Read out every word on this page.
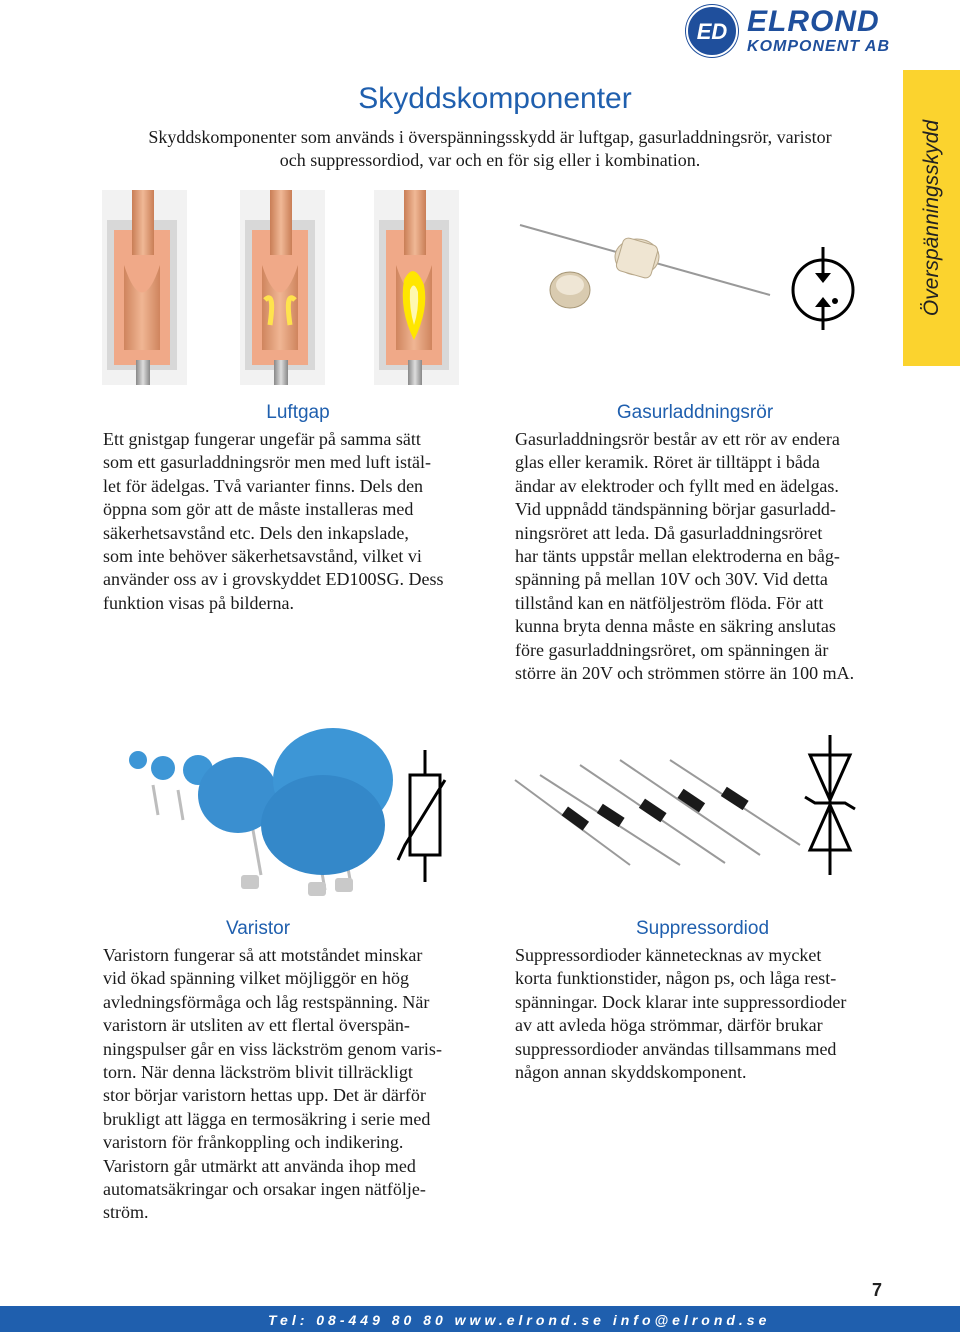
ED ELROND
KOMPONENT AB
Överspänningsskydd
Skyddskomponenter
Skyddskomponenter som används i överspänningsskydd är luftgap, gasurladdningsrör, varistor och suppressordiod, var och en för sig eller i kombination.
Luftgap
Ett gnistgap fungerar ungefär på samma sätt
som ett gasurladdningsrör men med luft istäl-
let för ädelgas. Två varianter finns. Dels den
öppna som gör att de måste installeras med
säkerhetsavstånd etc. Dels den inkapslade,
som inte behöver säkerhetsavstånd, vilket vi
använder oss av i grovskyddet ED100SG. Dess
funktion visas på bilderna.
Gasurladdningsrör
Gasurladdningsrör består av ett rör av endera
glas eller keramik. Röret är tilltäppt i båda
ändar av elektroder och fyllt med en ädelgas.
Vid uppnådd tändspänning börjar gasurladd-
ningsröret att leda. Då gasurladdningsröret
har tänts uppstår mellan elektroderna en båg-
spänning på mellan 10V och 30V. Vid detta
tillstånd kan en nätföljeström flöda. För att
kunna bryta denna måste en säkring anslutas
före gasurladdningsröret, om spänningen är
större än 20V och strömmen större än 100 mA.
Varistor
Varistorn fungerar så att motståndet minskar
vid ökad spänning vilket möjliggör en hög
avledningsförmåga och låg restspänning. När
varistorn är utsliten av ett flertal överspän-
ningspulser går en viss läckström genom varis-
torn. När denna läckström blivit tillräckligt
stor börjar varistorn hettas upp. Det är därför
brukligt att lägga en termosäkring i serie med
varistorn för frånkoppling och indikering.
Varistorn går utmärkt att använda ihop med
automatsäkringar och orsakar ingen nätfölje-
ström.
Suppressordiod
Suppressordioder kännetecknas av mycket
korta funktionstider, någon ps, och låga rest-
spänningar. Dock klarar inte suppressordioder
av att avleda höga strömmar, därför brukar
suppressordioder användas tillsammans med
någon annan skyddskomponent.
7
Tel: 08-449 80 80 www.elrond.se info@elrond.se
